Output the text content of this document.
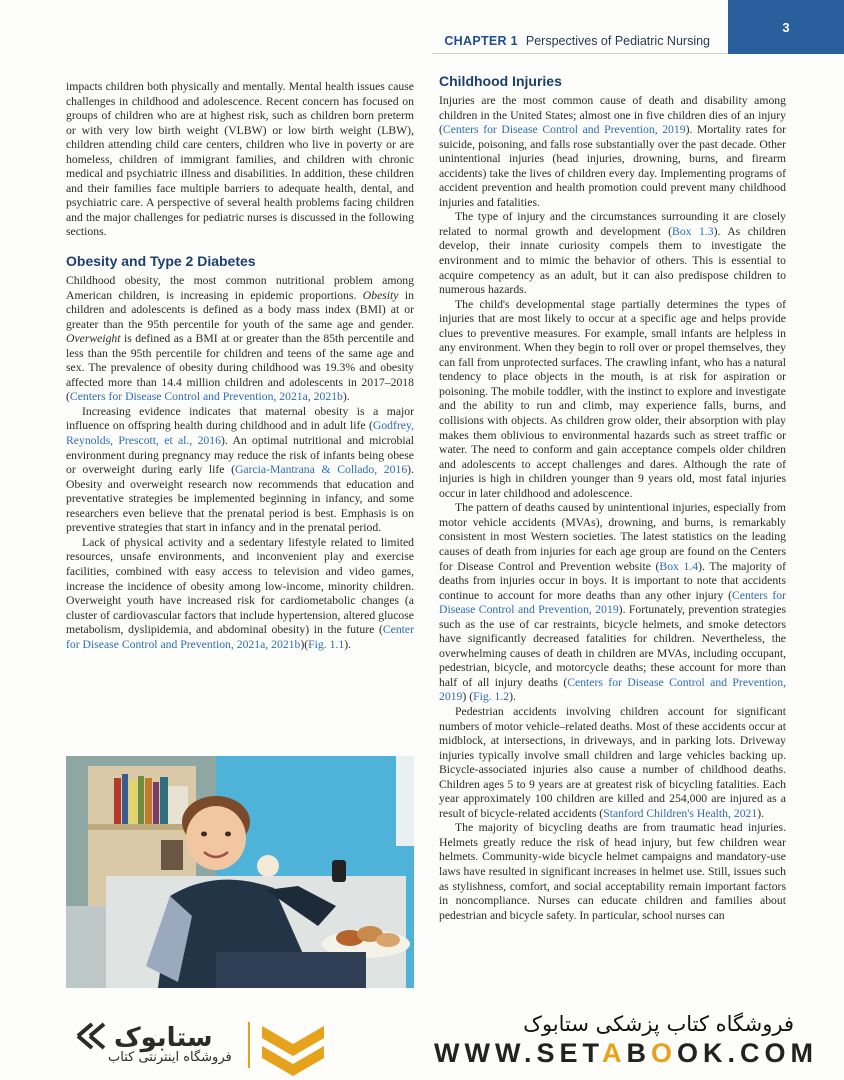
CHAPTER 1 Perspectives of Pediatric Nursing
3

impacts children both physically and mentally. Mental health issues cause challenges in childhood and adolescence. Recent concern has focused on groups of children who are at highest risk, such as children born preterm or with very low birth weight (VLBW) or low birth weight (LBW), children attending child care centers, children who live in poverty or are homeless, children of immigrant families, and children with chronic medical and psychiatric illness and disabilities. In addition, these children and their families face multiple barriers to adequate health, dental, and psychiatric care. A perspective of several health problems facing children and the major challenges for pediatric nurses is discussed in the following sections.

Obesity and Type 2 Diabetes

Childhood obesity, the most common nutritional problem among American children, is increasing in epidemic proportions. Obesity in children and adolescents is defined as a body mass index (BMI) at or greater than the 95th percentile for youth of the same age and gender. Overweight is defined as a BMI at or greater than the 85th percentile and less than the 95th percentile for children and teens of the same age and sex. The prevalence of obesity during childhood was 19.3% and obesity affected more than 14.4 million children and adolescents in 2017–2018 (Centers for Disease Control and Prevention, 2021a, 2021b).

Increasing evidence indicates that maternal obesity is a major influence on offspring health during childhood and in adult life (Godfrey, Reynolds, Prescott, et al., 2016). An optimal nutritional and microbial environment during pregnancy may reduce the risk of infants being obese or overweight during early life (Garcia-Mantrana & Collado, 2016). Obesity and overweight research now recommends that education and preventative strategies be implemented beginning in infancy, and some researchers even believe that the prenatal period is best. Emphasis is on preventive strategies that start in infancy and in the prenatal period.

Lack of physical activity and a sedentary lifestyle related to limited resources, unsafe environments, and inconvenient play and exercise facilities, combined with easy access to television and video games, increase the incidence of obesity among low-income, minority children. Overweight youth have increased risk for cardiometabolic changes (a cluster of cardiovascular factors that include hypertension, altered glucose metabolism, dyslipidemia, and abdominal obesity) in the future (Center for Disease Control and Prevention, 2021a, 2021b)(Fig. 1.1).

Childhood Injuries

Injuries are the most common cause of death and disability among children in the United States; almost one in five children dies of an injury (Centers for Disease Control and Prevention, 2019). Mortality rates for suicide, poisoning, and falls rose substantially over the past decade. Other unintentional injuries (head injuries, drowning, burns, and firearm accidents) take the lives of children every day. Implementing programs of accident prevention and health promotion could prevent many childhood injuries and fatalities.

The type of injury and the circumstances surrounding it are closely related to normal growth and development (Box 1.3). As children develop, their innate curiosity compels them to investigate the environment and to mimic the behavior of others. This is essential to acquire competency as an adult, but it can also predispose children to numerous hazards.

The child's developmental stage partially determines the types of injuries that are most likely to occur at a specific age and helps provide clues to preventive measures. For example, small infants are helpless in any environment. When they begin to roll over or propel themselves, they can fall from unprotected surfaces. The crawling infant, who has a natural tendency to place objects in the mouth, is at risk for aspiration or poisoning. The mobile toddler, with the instinct to explore and investigate and the ability to run and climb, may experience falls, burns, and collisions with objects. As children grow older, their absorption with play makes them oblivious to environmental hazards such as street traffic or water. The need to conform and gain acceptance compels older children and adolescents to accept challenges and dares. Although the rate of injuries is high in children younger than 9 years old, most fatal injuries occur in later childhood and adolescence.

The pattern of deaths caused by unintentional injuries, especially from motor vehicle accidents (MVAs), drowning, and burns, is remarkably consistent in most Western societies. The latest statistics on the leading causes of death from injuries for each age group are found on the Centers for Disease Control and Prevention website (Box 1.4). The majority of deaths from injuries occur in boys. It is important to note that accidents continue to account for more deaths than any other injury (Centers for Disease Control and Prevention, 2019). Fortunately, prevention strategies such as the use of car restraints, bicycle helmets, and smoke detectors have significantly decreased fatalities for children. Nevertheless, the overwhelming causes of death in children are MVAs, including occupant, pedestrian, bicycle, and motorcycle deaths; these account for more than half of all injury deaths (Centers for Disease Control and Prevention, 2019) (Fig. 1.2).

Pedestrian accidents involving children account for significant numbers of motor vehicle–related deaths. Most of these accidents occur at midblock, at intersections, in driveways, and in parking lots. Driveway injuries typically involve small children and large vehicles backing up. Bicycle-associated injuries also cause a number of childhood deaths. Children ages 5 to 9 years are at greatest risk of bicycling fatalities. Each year approximately 100 children are killed and 254,000 are injured as a result of bicycle-related accidents (Stanford Children's Health, 2021).

The majority of bicycling deaths are from traumatic head injuries. Helmets greatly reduce the risk of head injury, but few children wear helmets. Community-wide bicycle helmet campaigns and mandatory-use laws have resulted in significant increases in helmet use. Still, issues such as stylishness, comfort, and social acceptability remain important factors in noncompliance. Nurses can educate children and families about pedestrian and bicycle safety. In particular, school nurses can

ستابوک
فروشگاه اینترنتی کتاب
فروشگاه کتاب پزشکی ستابوک
WWW.SETABOOK.COM
